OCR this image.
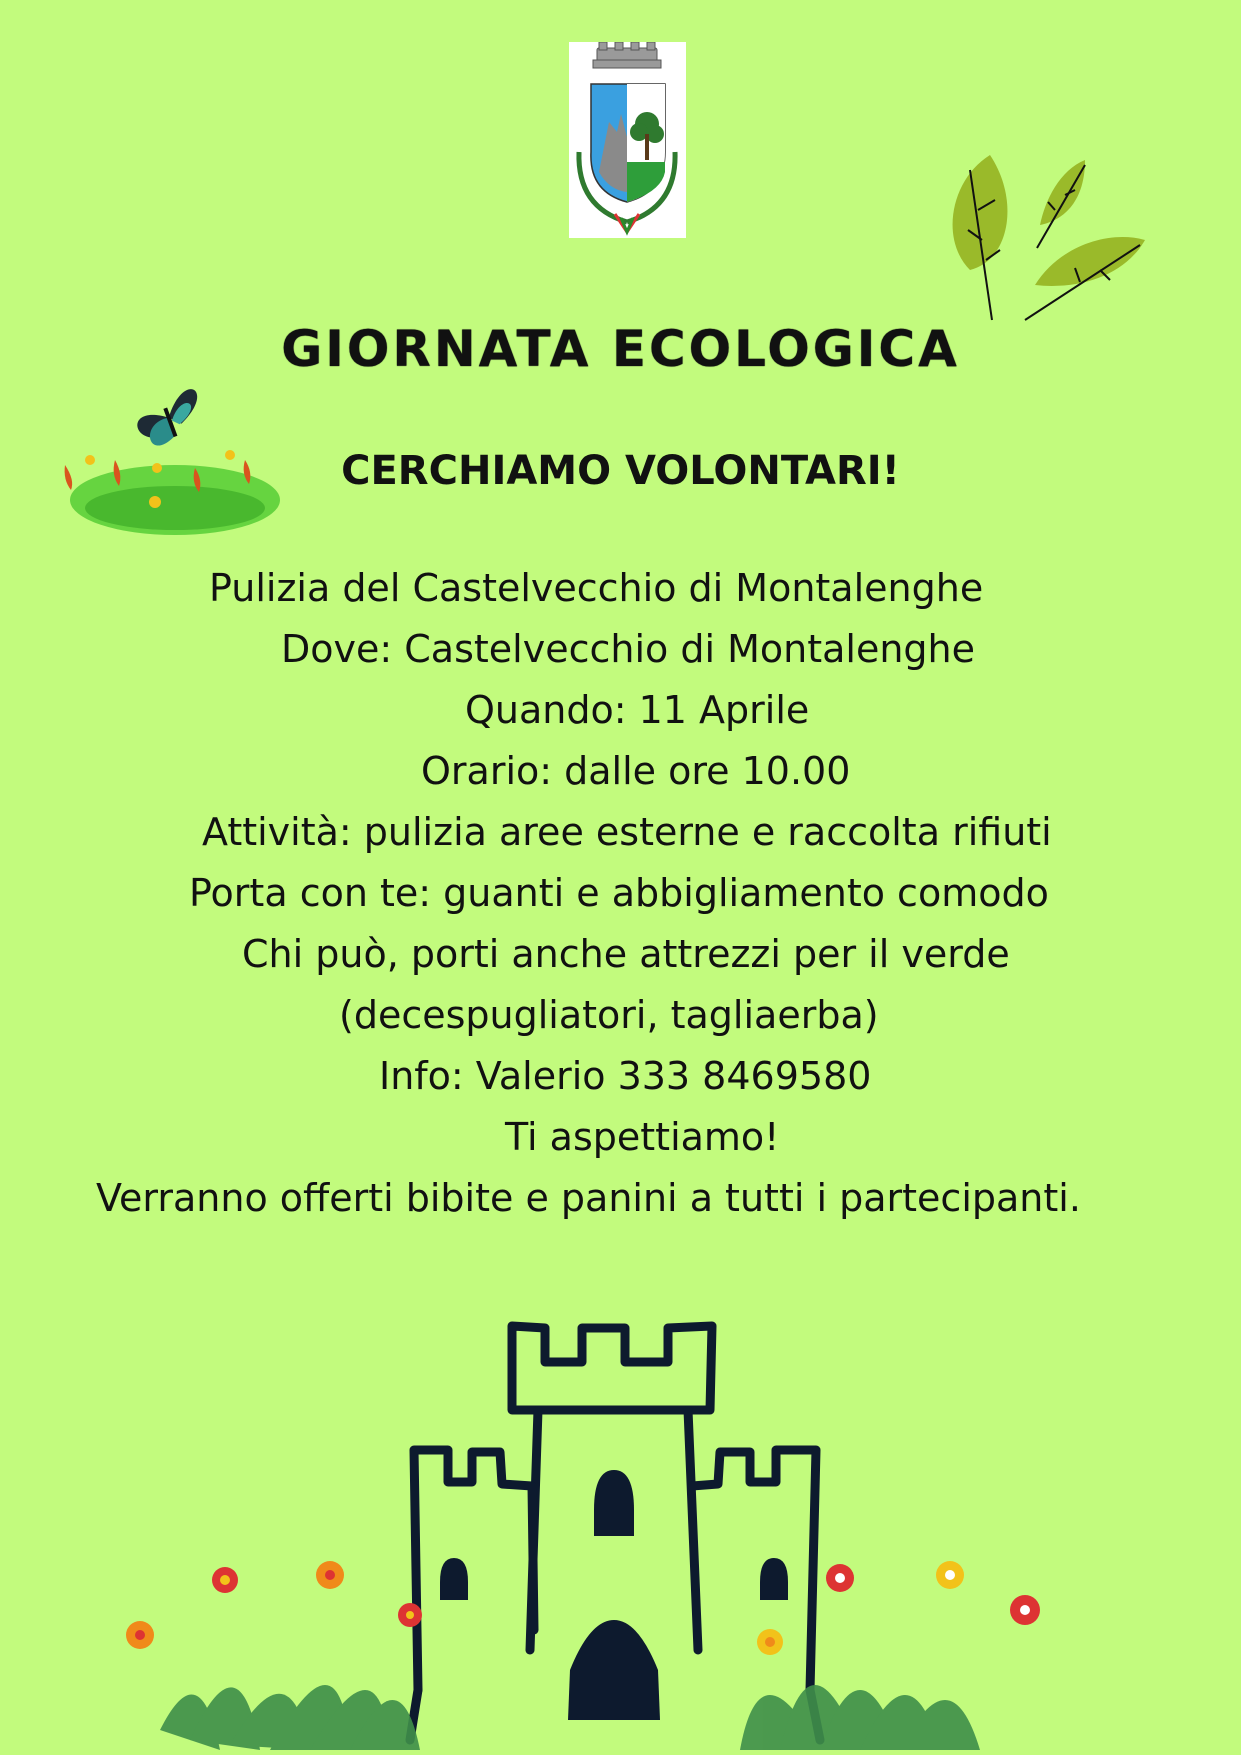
GIORNATA ECOLOGICA
CERCHIAMO VOLONTARI!
Pulizia del Castelvecchio di Montalenghe
Dove: Castelvecchio di Montalenghe
Quando: 11 Aprile
Orario: dalle ore 10.00
Attività: pulizia aree esterne e raccolta rifiuti
Porta con te: guanti e abbigliamento comodo
Chi può, porti anche attrezzi per il verde
(decespugliatori, tagliaerba)
Info: Valerio 333 8469580
Ti aspettiamo!
Verranno offerti bibite e panini a tutti i partecipanti.
